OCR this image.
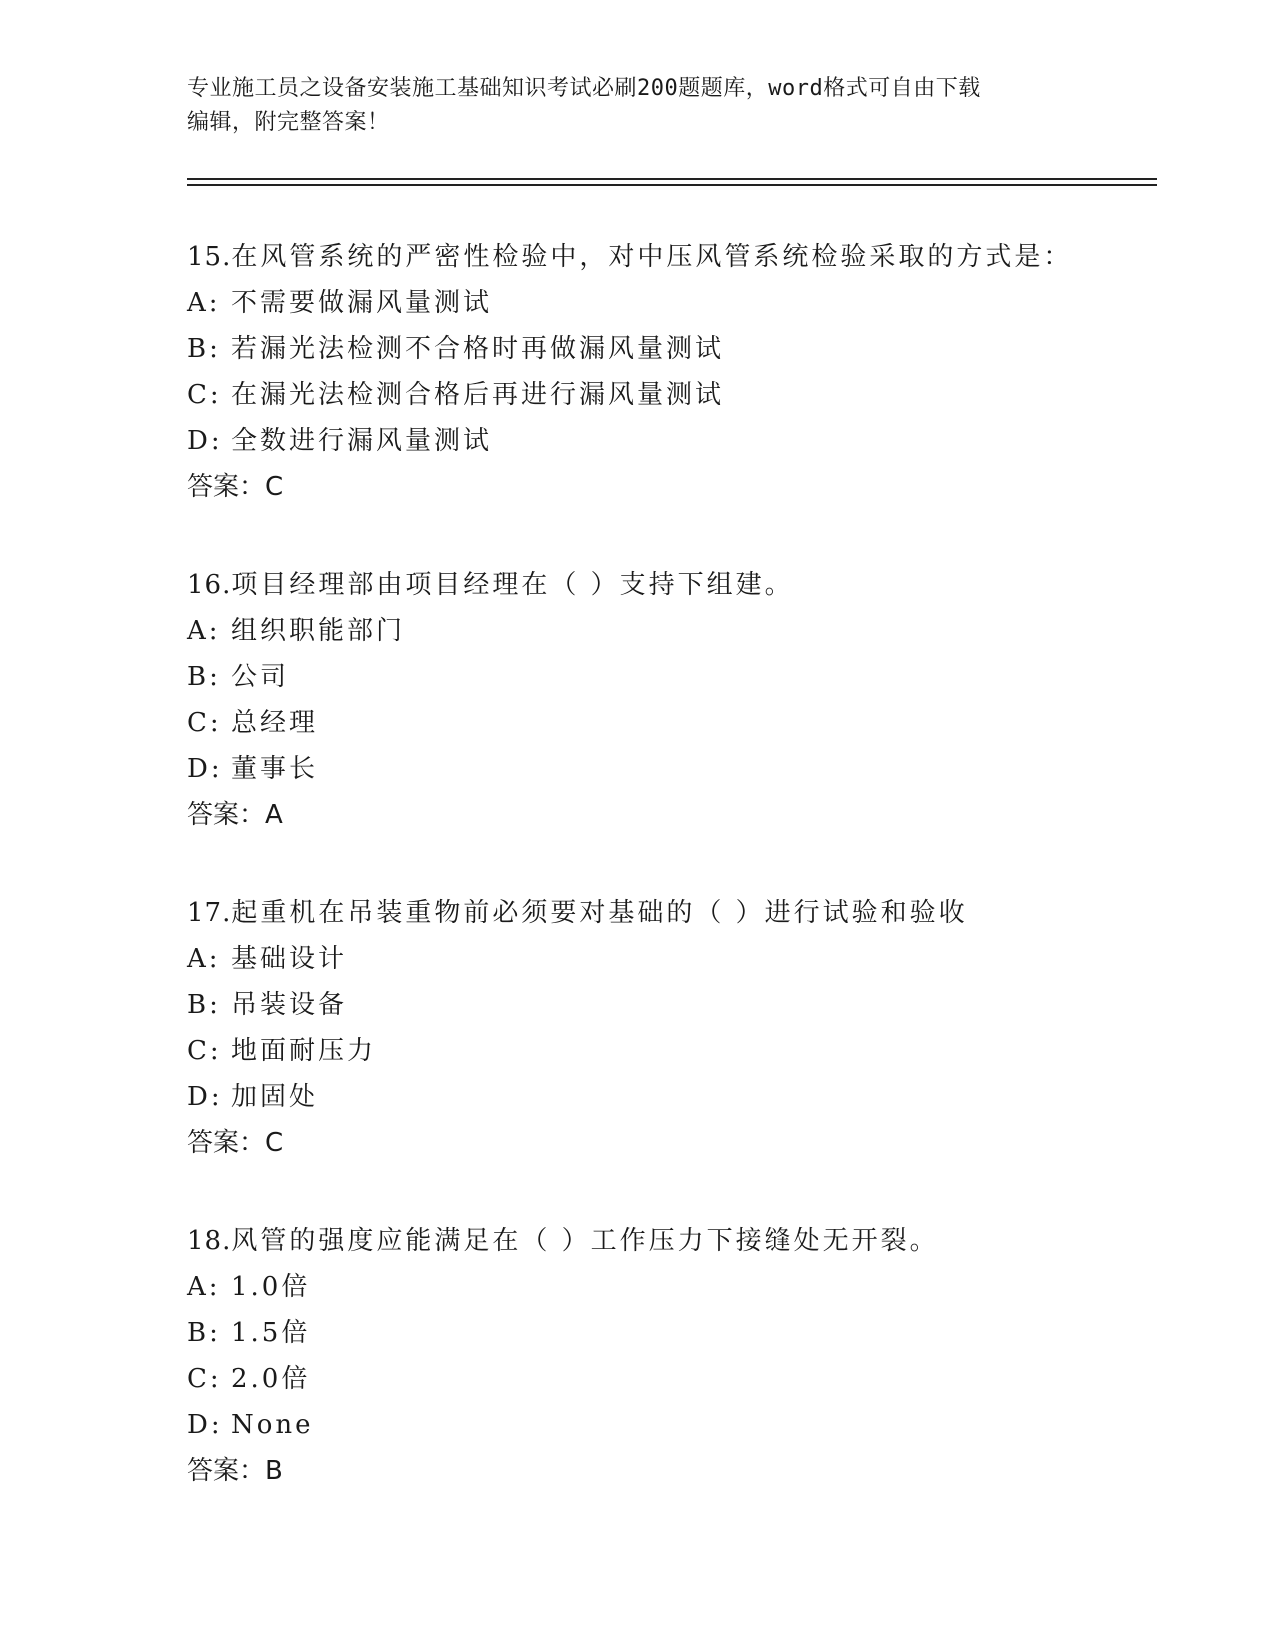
专业施工员之设备安装施工基础知识考试必刷200题题库，word格式可自由下载
编辑，附完整答案！
15.在风管系统的严密性检验中，对中压风管系统检验采取的方式是：
A: 不需要做漏风量测试
B: 若漏光法检测不合格时再做漏风量测试
C: 在漏光法检测合格后再进行漏风量测试
D: 全数进行漏风量测试
答案：C
16.项目经理部由项目经理在（ ）支持下组建。
A: 组织职能部门
B: 公司
C: 总经理
D: 董事长
答案：A
17.起重机在吊装重物前必须要对基础的（ ）进行试验和验收
A: 基础设计
B: 吊装设备
C: 地面耐压力
D: 加固处
答案：C
18.风管的强度应能满足在（ ）工作压力下接缝处无开裂。
A: 1.0倍
B: 1.5倍
C: 2.0倍
D: None
答案：B
